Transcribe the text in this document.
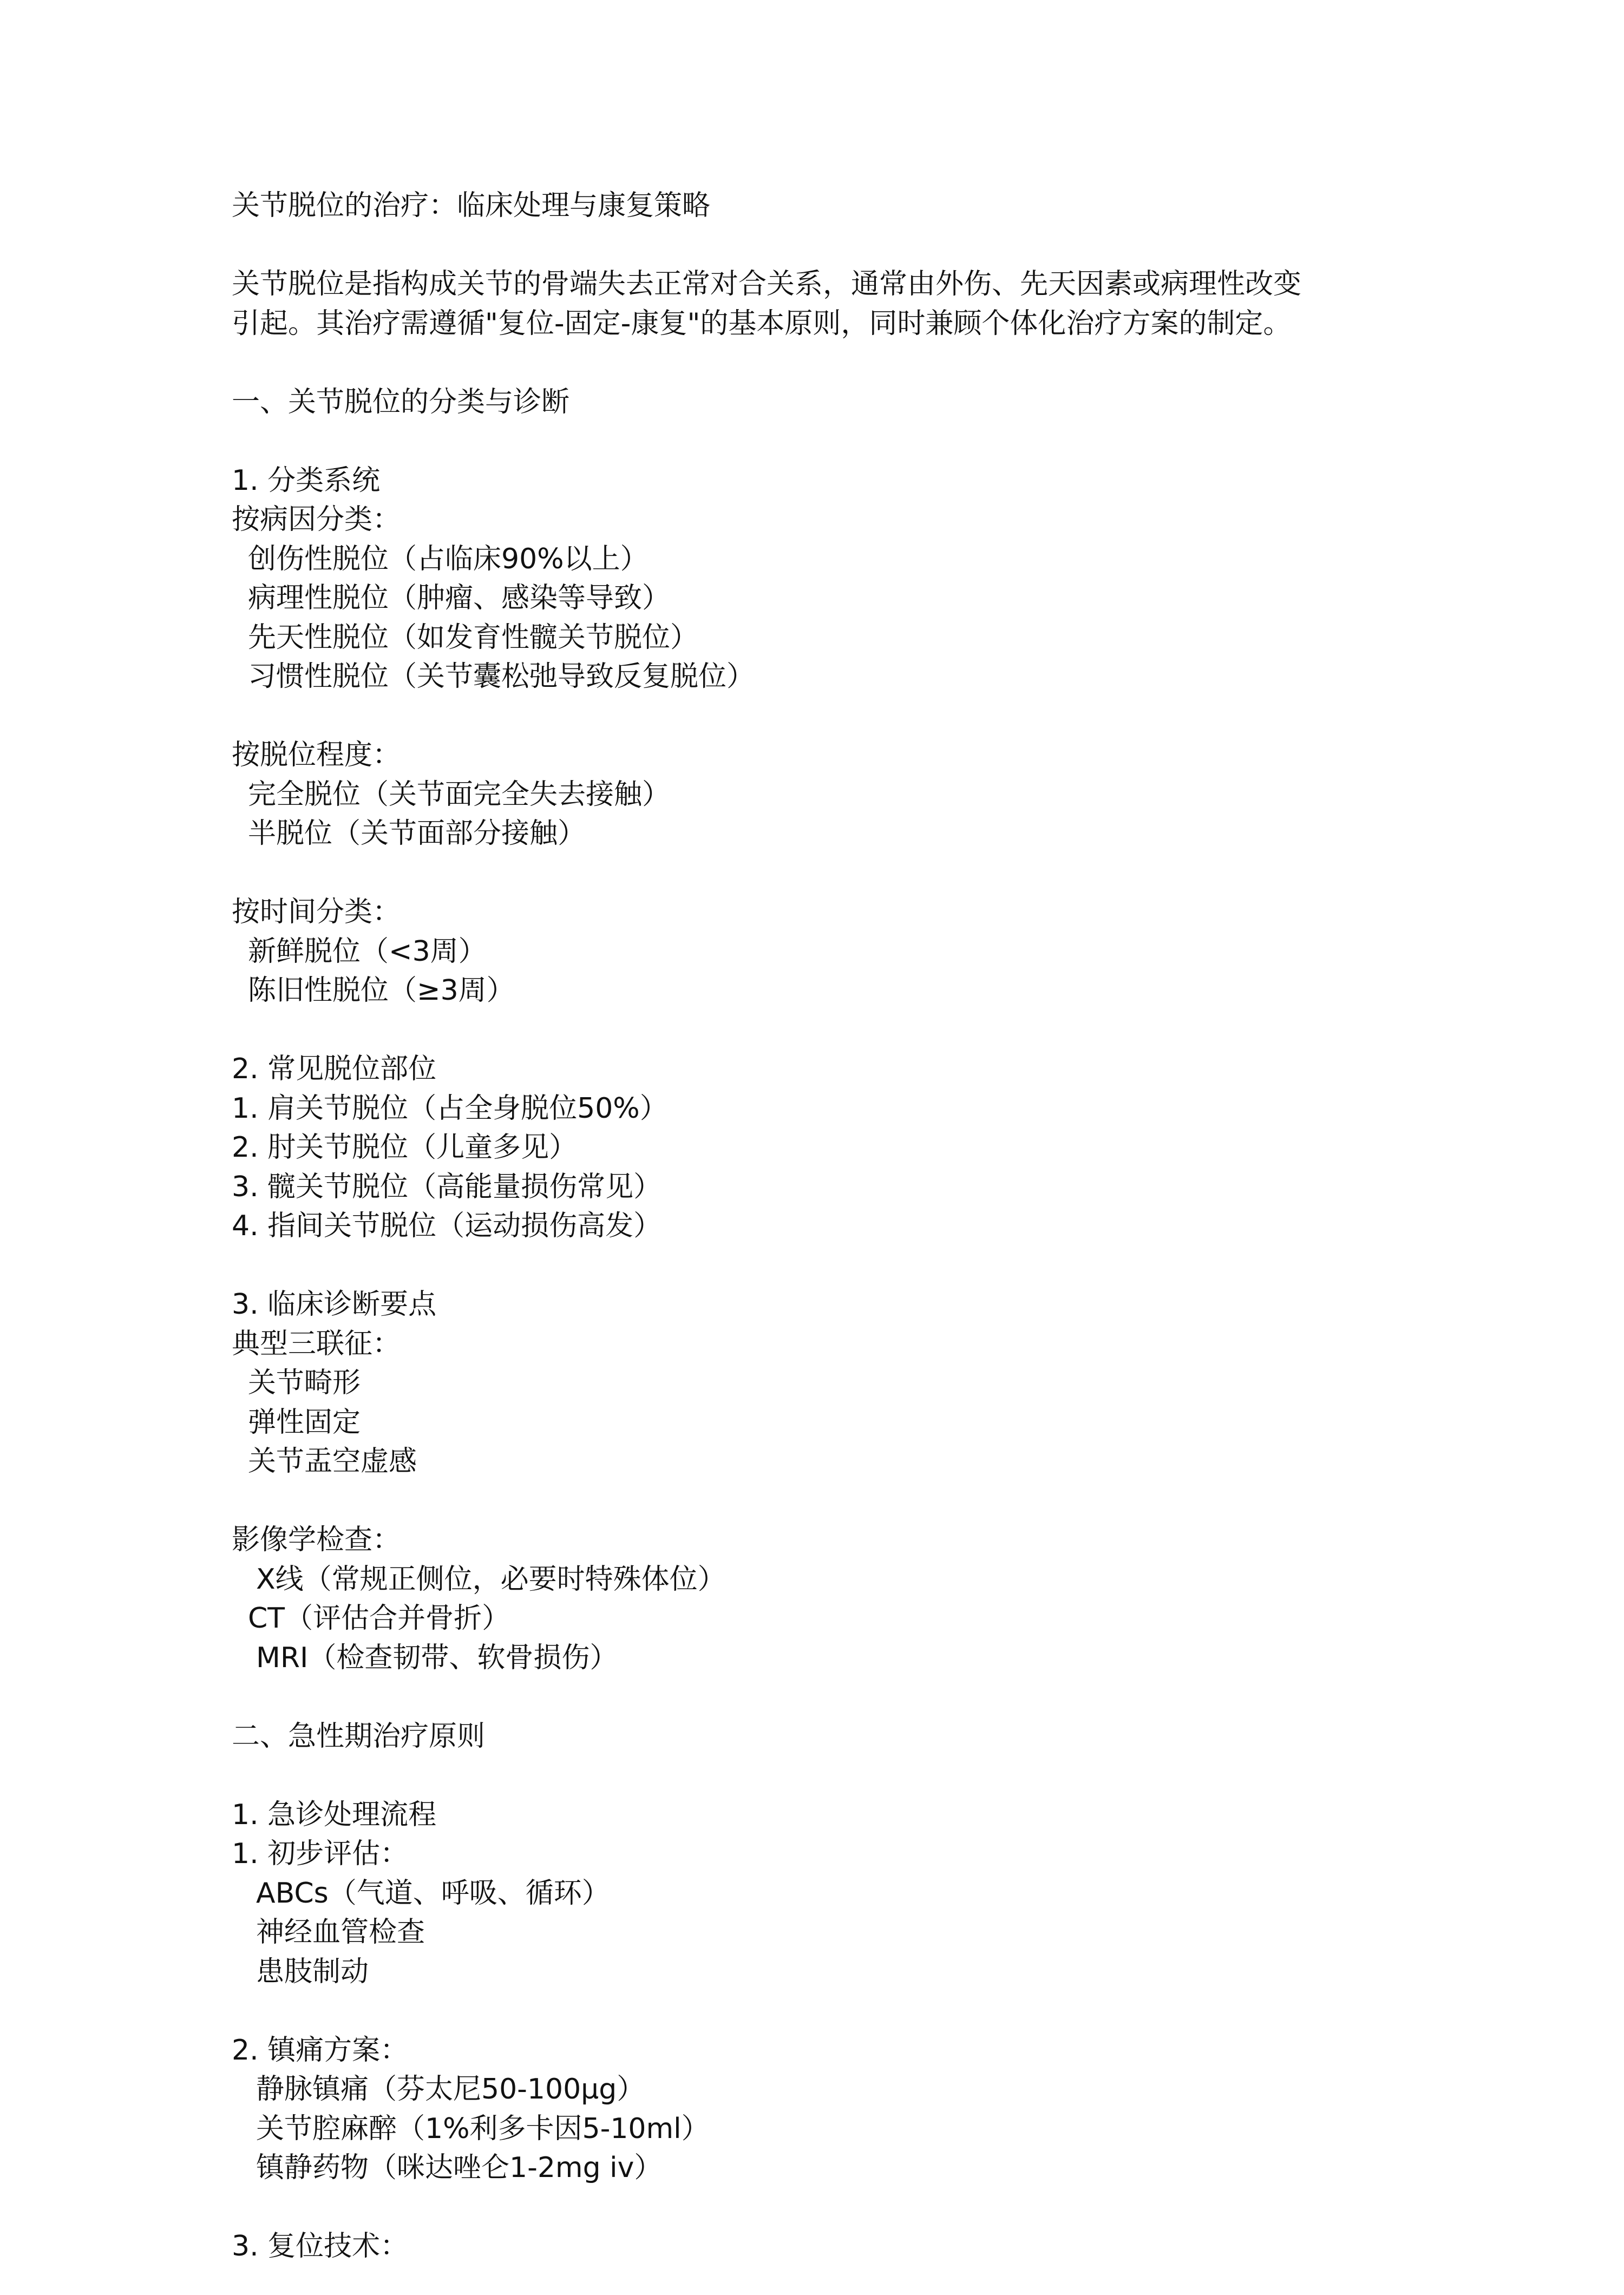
关节脱位的治疗：临床处理与康复策略
关节脱位是指构成关节的骨端失去正常对合关系，通常由外伤、先天因素或病理性改变
引起。其治疗需遵循"复位-固定-康复"的基本原则，同时兼顾个体化治疗方案的制定。
一、关节脱位的分类与诊断
1. 分类系统
按病因分类：
创伤性脱位（占临床90%以上）
病理性脱位（肿瘤、感染等导致）
先天性脱位（如发育性髋关节脱位）
习惯性脱位（关节囊松弛导致反复脱位）
按脱位程度：
完全脱位（关节面完全失去接触）
半脱位（关节面部分接触）
按时间分类：
新鲜脱位（<3周）
陈旧性脱位（≥3周）
2. 常见脱位部位
1. 肩关节脱位（占全身脱位50%）
2. 肘关节脱位（儿童多见）
3. 髋关节脱位（高能量损伤常见）
4. 指间关节脱位（运动损伤高发）
3. 临床诊断要点
典型三联征：
关节畸形
弹性固定
关节盂空虚感
影像学检查：
X线（常规正侧位，必要时特殊体位）
CT（评估合并骨折）
MRI（检查韧带、软骨损伤）
二、急性期治疗原则
1. 急诊处理流程
1. 初步评估：
ABCs（气道、呼吸、循环）
神经血管检查
患肢制动
2. 镇痛方案：
静脉镇痛（芬太尼50-100μg）
关节腔麻醉（1%利多卡因5-10ml）
镇静药物（咪达唑仑1-2mg iv）
3. 复位技术：
